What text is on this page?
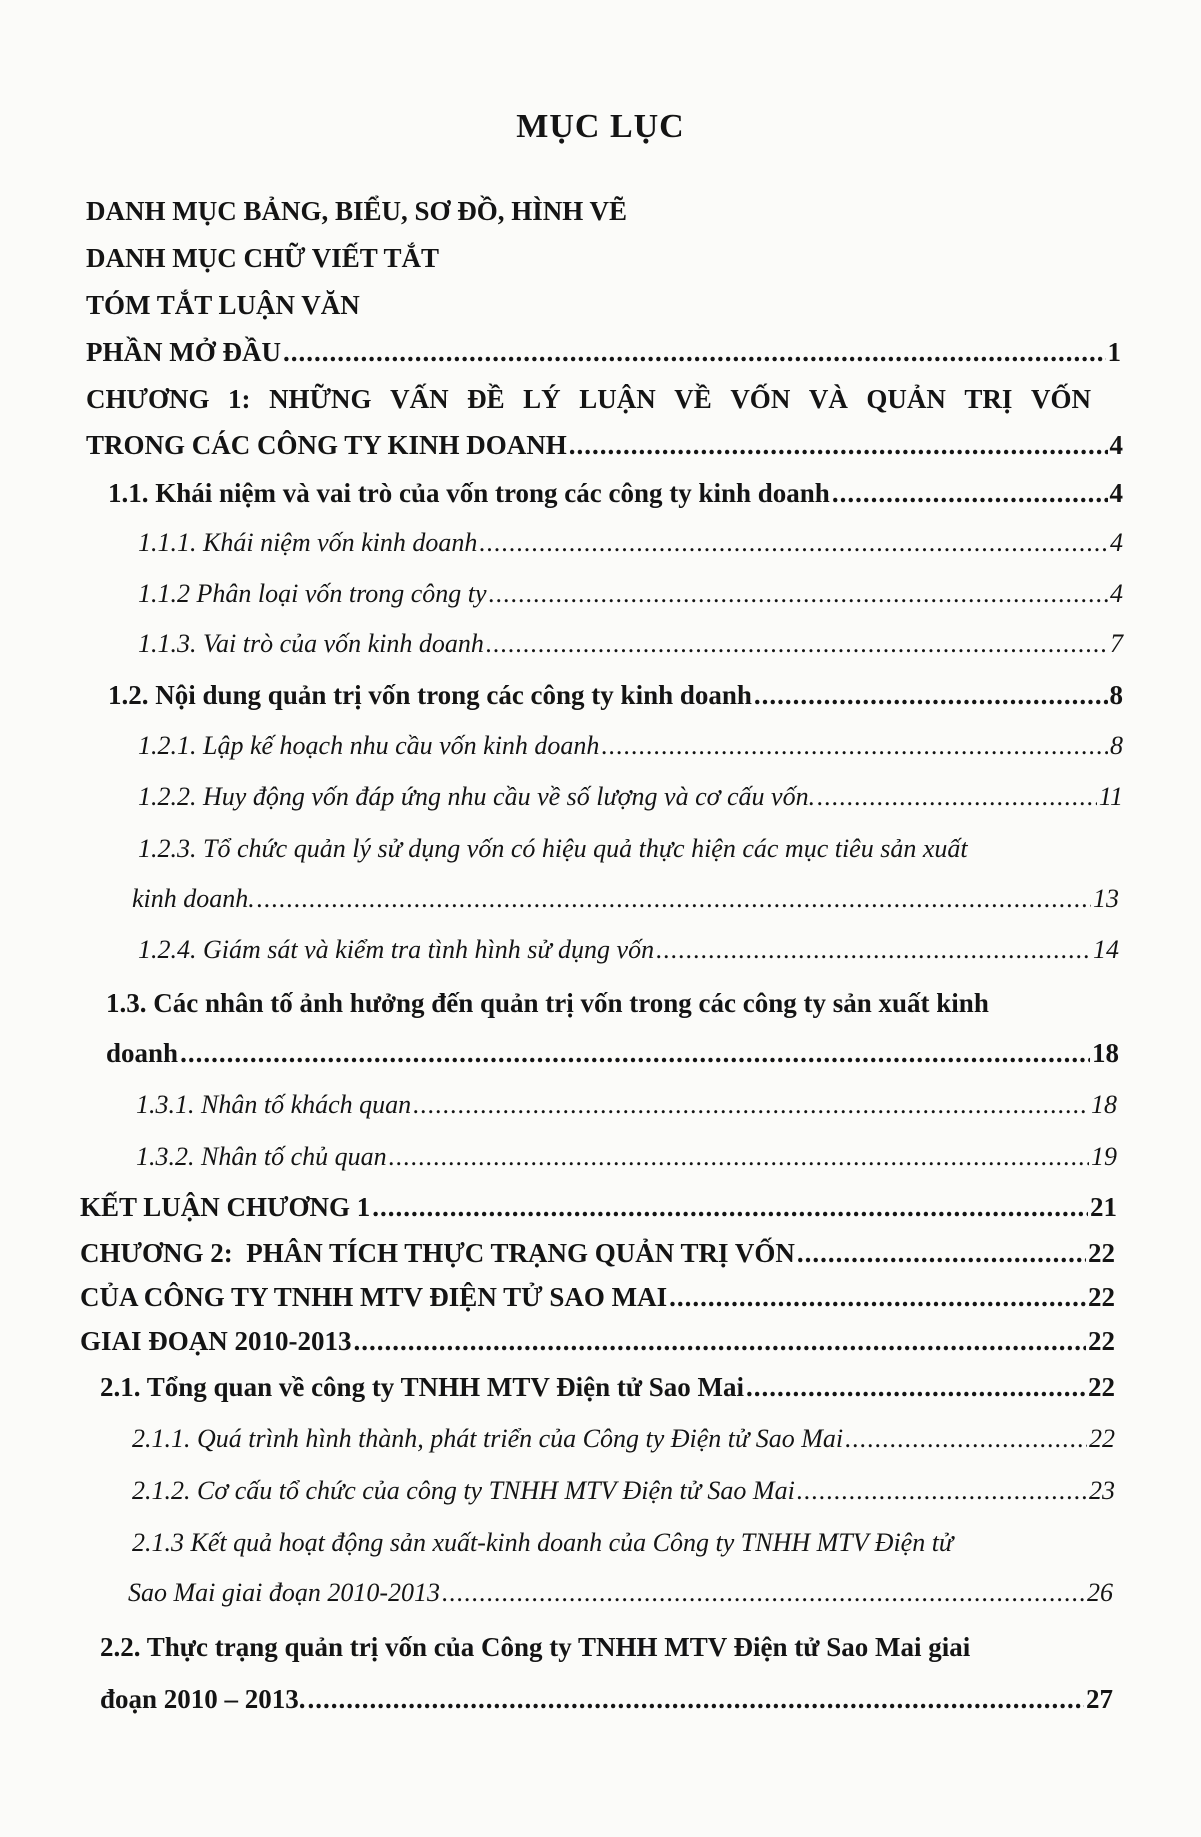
MỤC LỤC
DANH MỤC BẢNG, BIỂU, SƠ ĐỒ, HÌNH VẼ
DANH MỤC CHỮ VIẾT TẮT
TÓM TẮT LUẬN VĂN
PHẦN MỞ ĐẦU .....	1
CHƯƠNG 1: NHỮNG VẤN ĐỀ LÝ LUẬN VỀ VỐN VÀ QUẢN TRỊ VỐN
TRONG CÁC CÔNG TY KINH DOANH .....	4
1.1. Khái niệm và vai trò của vốn trong các công ty kinh doanh .....	4
1.1.1. Khái niệm vốn kinh doanh .....	4
1.1.2 Phân loại vốn trong công ty .....	4
1.1.3. Vai trò của vốn kinh doanh .....	7
1.2. Nội dung quản trị vốn trong các công ty kinh doanh .....	8
1.2.1. Lập kế hoạch nhu cầu vốn kinh doanh .....	8
1.2.2. Huy động vốn đáp ứng nhu cầu về số lượng và cơ cấu vốn. .....	11
1.2.3. Tổ chức quản lý sử dụng vốn có hiệu quả thực hiện các mục tiêu sản xuất
kinh doanh. .....	13
1.2.4. Giám sát và kiểm tra tình hình sử dụng vốn .....	14
1.3. Các nhân tố ảnh hưởng đến quản trị vốn trong các công ty sản xuất kinh
doanh .....	18
1.3.1. Nhân tố khách quan .....	18
1.3.2. Nhân tố chủ quan .....	19
KẾT LUẬN CHƯƠNG 1 .....	21
CHƯƠNG 2:  PHÂN TÍCH THỰC TRẠNG QUẢN TRỊ VỐN .....	22
CỦA CÔNG TY TNHH MTV ĐIỆN TỬ SAO MAI .....	22
GIAI ĐOẠN 2010-2013 .....	22
2.1. Tổng quan về công ty TNHH MTV Điện tử Sao Mai .....	22
2.1.1. Quá trình hình thành, phát triển của Công ty Điện tử Sao Mai .....	22
2.1.2. Cơ cấu tổ chức của công ty TNHH MTV Điện tử Sao Mai .....	23
2.1.3 Kết quả hoạt động sản xuất-kinh doanh của Công ty TNHH MTV Điện tử
Sao Mai giai đoạn 2010-2013 .....	26
2.2. Thực trạng quản trị vốn của Công ty TNHH MTV Điện tử Sao Mai giai
đoạn 2010 – 2013. .....	27
